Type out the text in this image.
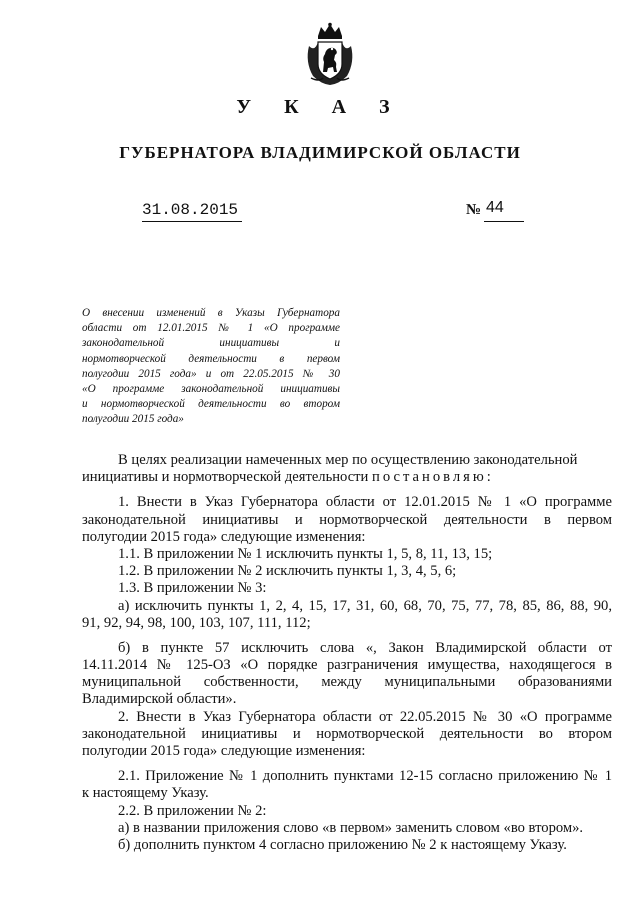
У К А З
ГУБЕРНАТОРА ВЛАДИМИРСКОЙ ОБЛАСТИ
31.08.2015	№ 44
О внесении изменений в Указы Губернатора
области от 12.01.2015 № 1 «О программе
законодательной инициативы и
нормотворческой деятельности в первом
полугодии 2015 года» и от 22.05.2015 № 30
«О программе законодательной инициативы
и нормотворческой деятельности во втором
полугодии 2015 года»
В целях реализации намеченных мер по осуществлению законодательной
инициативы и нормотворческой деятельности постановляю:
1. Внести в Указ Губернатора области от 12.01.2015 № 1 «О программе
законодательной инициативы и нормотворческой деятельности в первом
полугодии 2015 года» следующие изменения:
1.1. В приложении № 1 исключить пункты 1, 5, 8, 11, 13, 15;
1.2. В приложении № 2 исключить пункты 1, 3, 4, 5, 6;
1.3. В приложении № 3:
а) исключить пункты 1, 2, 4, 15, 17, 31, 60, 68, 70, 75, 77, 78, 85, 86, 88, 90,
91, 92, 94, 98, 100, 103, 107, 111, 112;
б) в пункте 57 исключить слова «, Закон Владимирской области от
14.11.2014 № 125-ОЗ «О порядке разграничения имущества, находящегося в
муниципальной собственности, между муниципальными образованиями
Владимирской области».
2. Внести в Указ Губернатора области от 22.05.2015 № 30 «О программе
законодательной инициативы и нормотворческой деятельности во втором
полугодии 2015 года» следующие изменения:
2.1. Приложение № 1 дополнить пунктами 12-15 согласно приложению № 1
к настоящему Указу.
2.2. В приложении № 2:
а) в названии приложения слово «в первом» заменить словом «во втором».
б) дополнить пунктом 4 согласно приложению № 2 к настоящему Указу.
